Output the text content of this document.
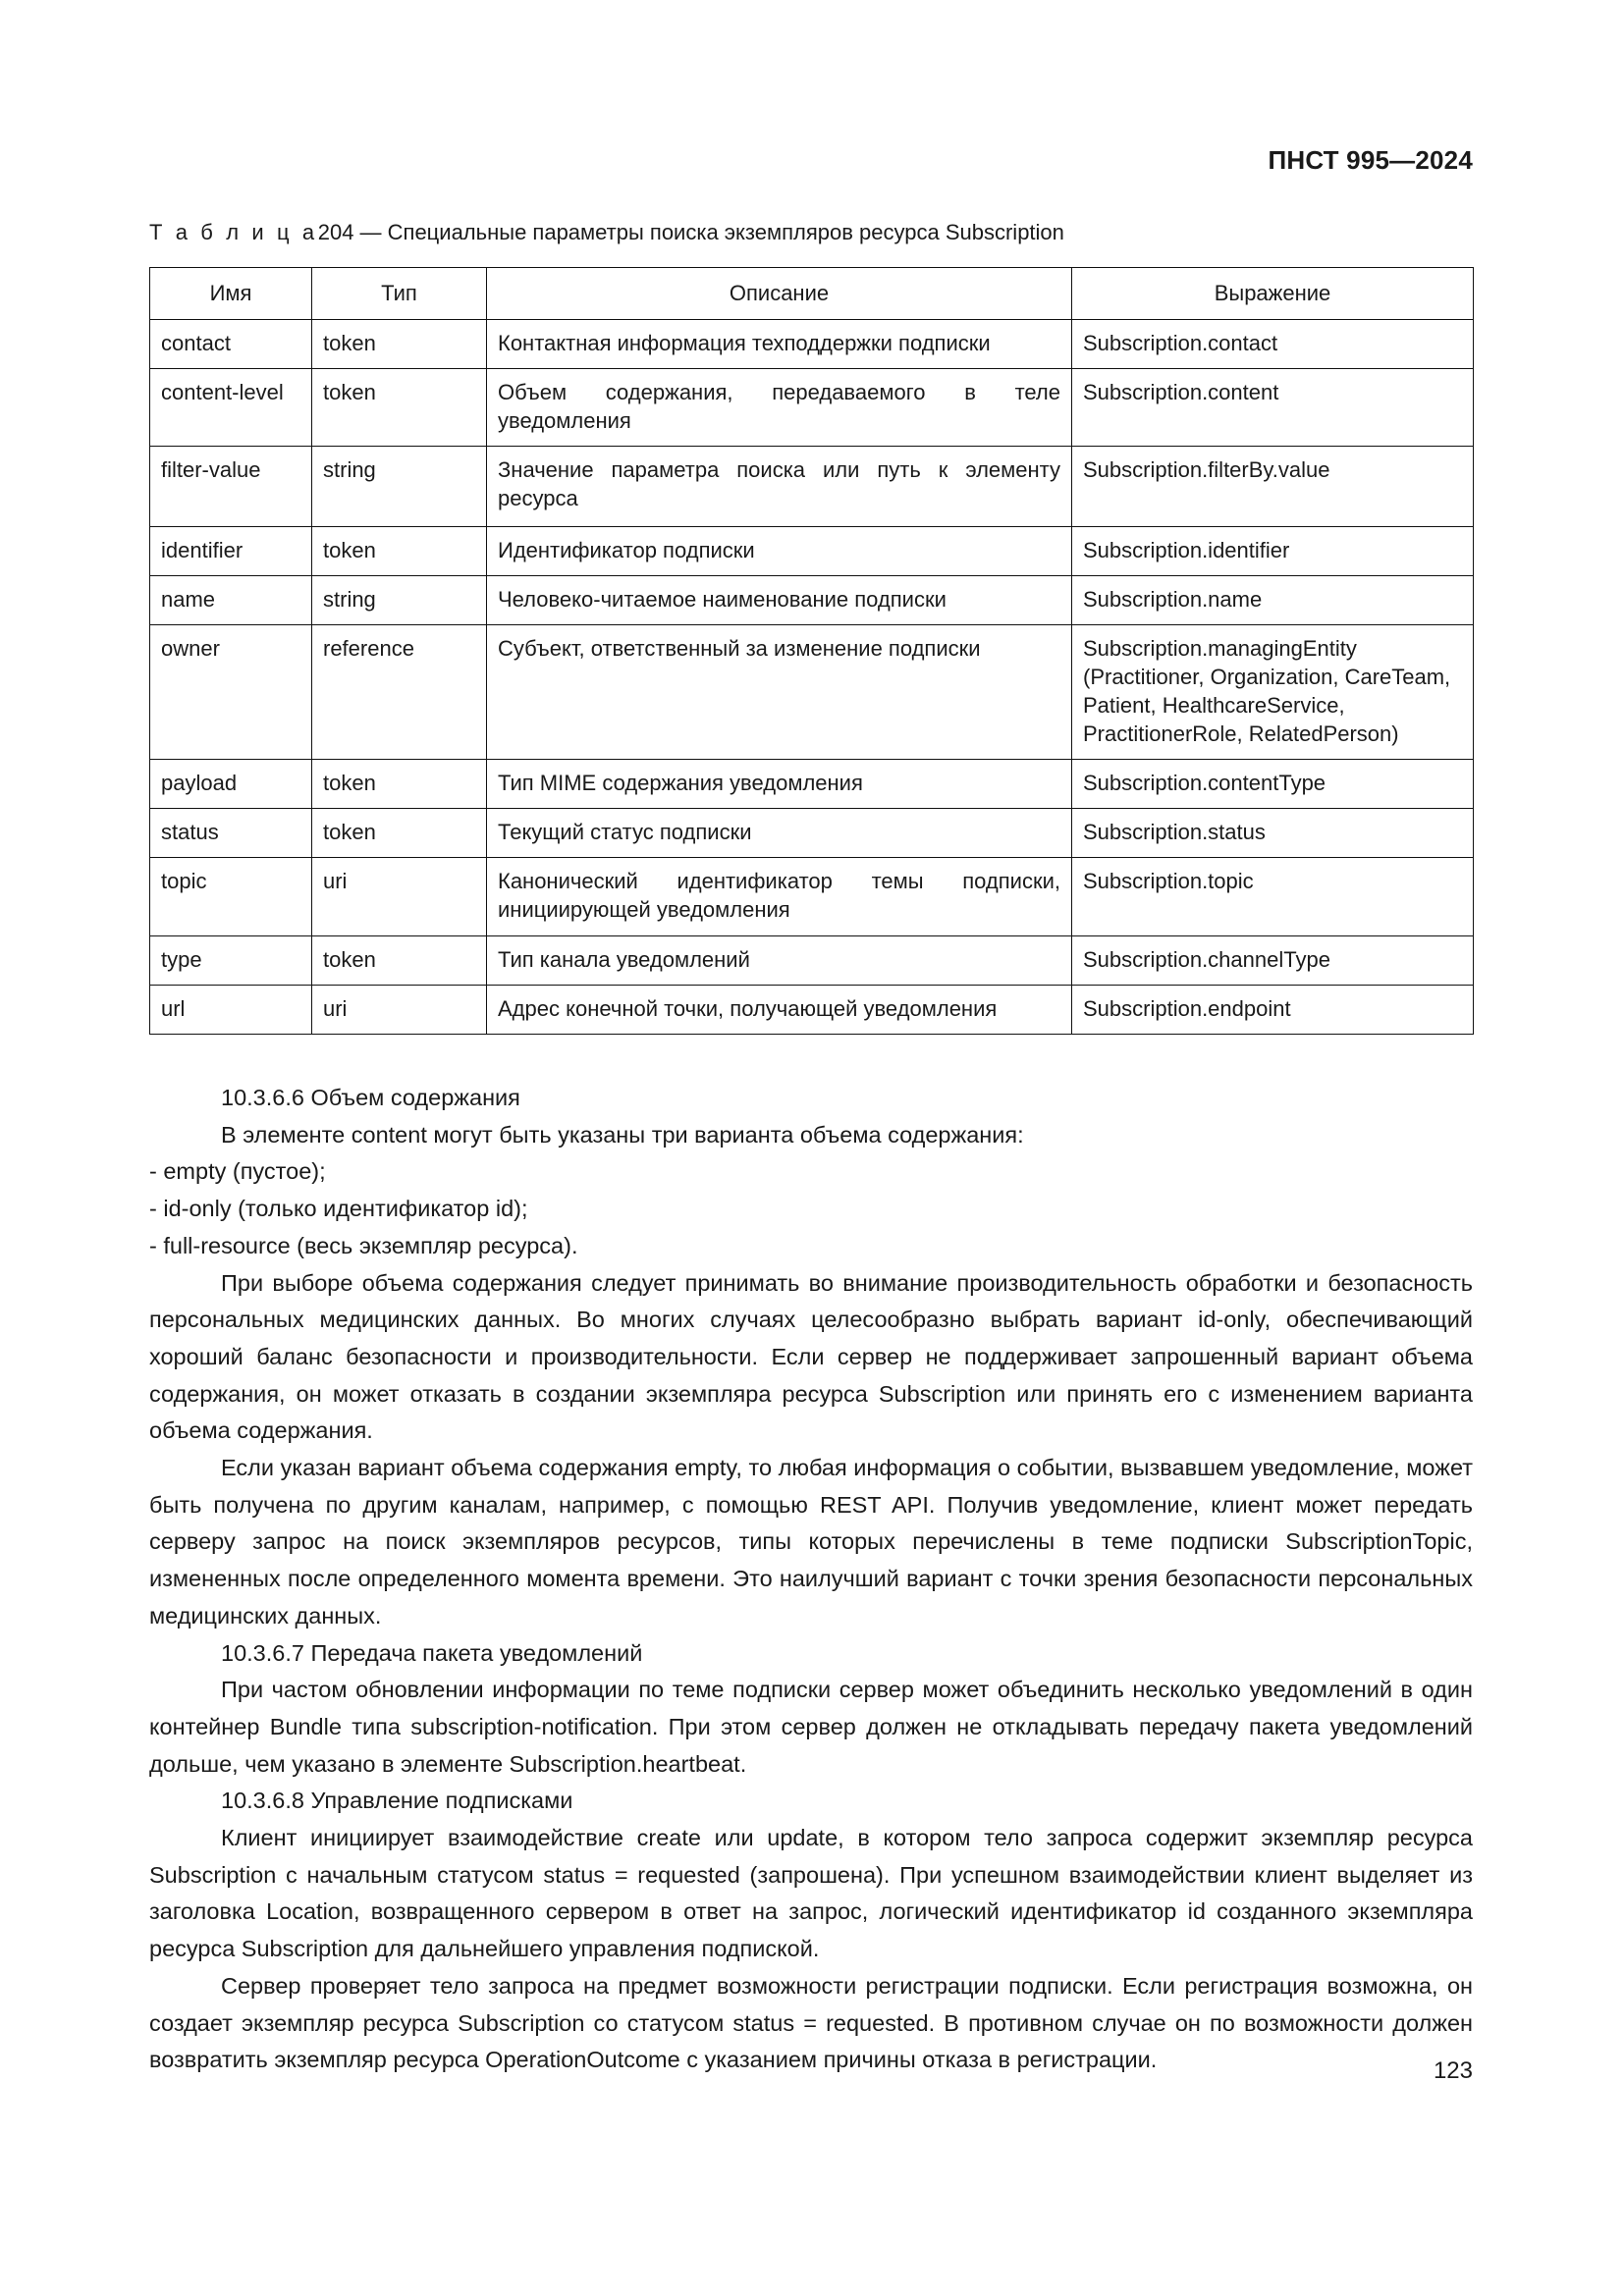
ПНСТ 995—2024
Т а б л и ц а204 — Специальные параметры поиска экземпляров ресурса Subscription
Имя	Тип	Описание	Выражение
contact	token	Контактная информация техподдержки подписки	Subscription.contact
content-level	token	Объем содержания, передаваемого в теле уведомления	Subscription.content
filter-value	string	Значение параметра поиска или путь к элементу ресурса	Subscription.filterBy.value
identifier	token	Идентификатор подписки	Subscription.identifier
name	string	Человеко-читаемое наименование подписки	Subscription.name
owner	reference	Субъект, ответственный за изменение подписки	Subscription.managingEntity (Practitioner, Organization, CareTeam, Patient, HealthcareService, PractitionerRole, RelatedPerson)
payload	token	Тип MIME содержания уведомления	Subscription.contentType
status	token	Текущий статус подписки	Subscription.status
topic	uri	Канонический идентификатор темы подписки, инициирующей уведомления	Subscription.topic
type	token	Тип канала уведомлений	Subscription.channelType
url	uri	Адрес конечной точки, получающей уведомления	Subscription.endpoint

10.3.6.6 Объем содержания

В элементе content могут быть указаны три варианта объема содержания:

- empty (пустое);

- id-only (только идентификатор id);

- full-resource (весь экземпляр ресурса).

При выборе объема содержания следует принимать во внимание производительность обработки и безопасность персональных медицинских данных. Во многих случаях целесообразно выбрать вариант id-only, обеспечивающий хороший баланс безопасности и производительности. Если сервер не поддерживает запрошенный вариант объема содержания, он может отказать в создании экземпляра ресурса Subscription или принять его с изменением варианта объема содержания.

Если указан вариант объема содержания empty, то любая информация о событии, вызвавшем уведомление, может быть получена по другим каналам, например, с помощью REST API. Получив уведомление, клиент может передать серверу запрос на поиск экземпляров ресурсов, типы которых перечислены в теме подписки SubscriptionTopic, измененных после определенного момента времени. Это наилучший вариант с точки зрения безопасности персональных медицинских данных.

10.3.6.7 Передача пакета уведомлений

При частом обновлении информации по теме подписки сервер может объединить несколько уведомлений в один контейнер Bundle типа subscription-notification. При этом сервер должен не откладывать передачу пакета уведомлений дольше, чем указано в элементе Subscription.heartbeat.

10.3.6.8 Управление подписками

Клиент инициирует взаимодействие create или update, в котором тело запроса содержит экземпляр ресурса Subscription с начальным статусом status = requested (запрошена). При успешном взаимодействии клиент выделяет из заголовка Location, возвращенного сервером в ответ на запрос, логический идентификатор id созданного экземпляра ресурса Subscription для дальнейшего управления подпиской.

Сервер проверяет тело запроса на предмет возможности регистрации подписки. Если регистрация возможна, он создает экземпляр ресурса Subscription со статусом status = requested. В противном случае он по возможности должен возвратить экземпляр ресурса OperationOutcome с указанием причины отказа в регистрации.	123
